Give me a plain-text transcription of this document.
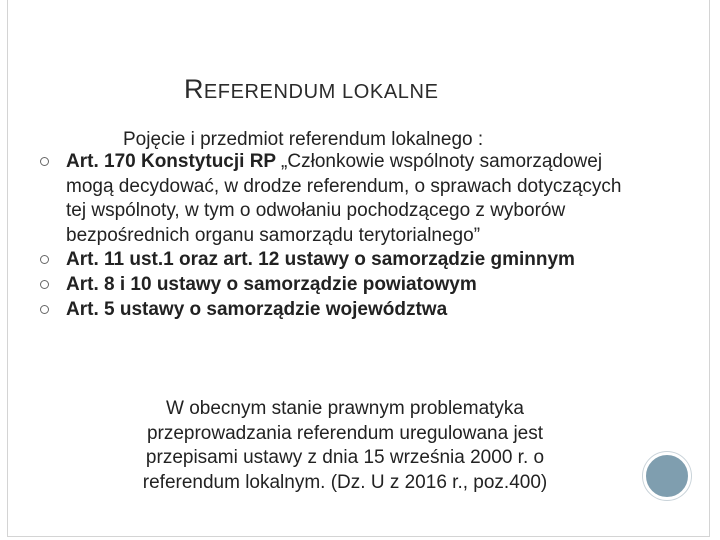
REFERENDUM LOKALNE
Pojęcie i przedmiot referendum lokalnego :
Art. 170 Konstytucji RP „Członkowie wspólnoty samorządowej mogą decydować, w drodze referendum, o sprawach dotyczących tej wspólnoty, w tym o odwołaniu pochodzącego z wyborów bezpośrednich organu samorządu terytorialnego”
Art. 11 ust.1 oraz art. 12 ustawy o samorządzie gminnym
Art. 8 i 10 ustawy o samorządzie powiatowym
Art. 5 ustawy o samorządzie województwa
W obecnym stanie prawnym problematyka przeprowadzania referendum uregulowana jest przepisami ustawy z dnia 15 września 2000 r. o referendum lokalnym. (Dz. U z 2016 r., poz.400)
